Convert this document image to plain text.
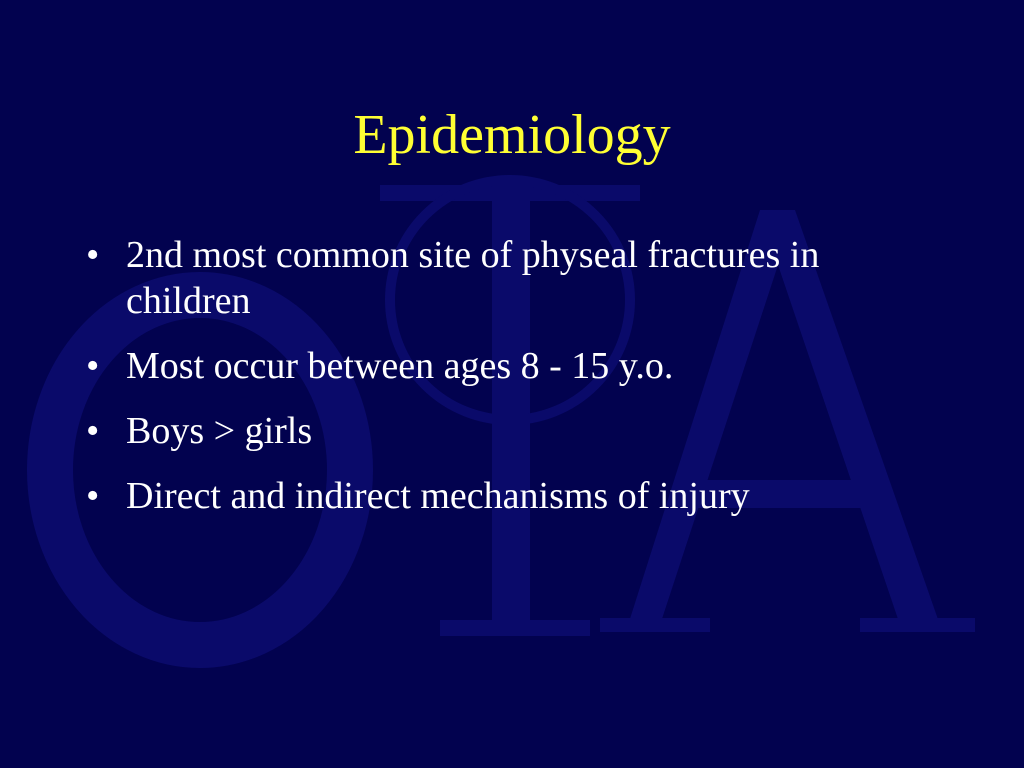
Epidemiology
• 2nd most common site of physeal fractures in children
• Most occur between ages 8 - 15 y.o.
• Boys > girls
• Direct and indirect mechanisms of injury
